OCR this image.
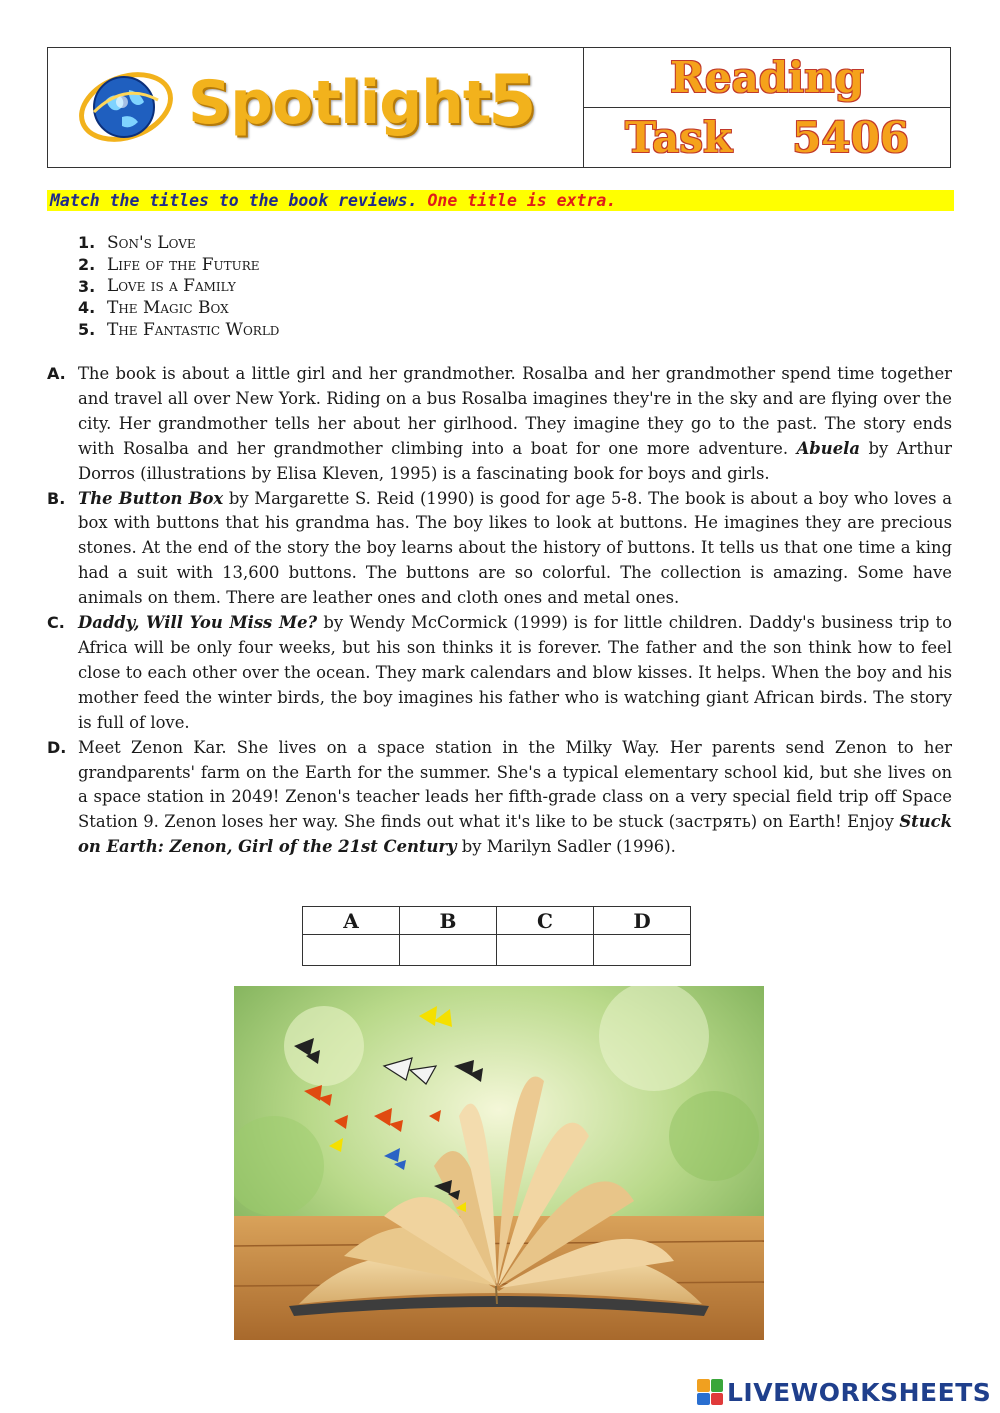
Spotlight
5	Reading
Task 5406
Match the titles to the book reviews. One title is extra.
1. Son's Love
2. Life of the Future
3. Love is a Family
4. The Magic Box
5. The Fantastic World
A. The book is about a little girl and her grandmother. Rosalba and her grandmother spend time together and travel all over New York. Riding on a bus Rosalba imagines they're in the sky and are flying over the city. Her grandmother tells her about her girlhood. They imagine they go to the past. The story ends with Rosalba and her grandmother climbing into a boat for one more adventure. Abuela by Arthur Dorros (illustrations by Elisa Kleven, 1995) is a fascinating book for boys and girls.
B. The Button Box by Margarette S. Reid (1990) is good for age 5-8. The book is about a boy who loves a box with buttons that his grandma has. The boy likes to look at buttons. He imagines they are precious stones. At the end of the story the boy learns about the history of buttons. It tells us that one time a king had a suit with 13,600 buttons. The buttons are so colorful. The collection is amazing. Some have animals on them. There are leather ones and cloth ones and metal ones.
C. Daddy, Will You Miss Me? by Wendy McCormick (1999) is for little children. Daddy's business trip to Africa will be only four weeks, but his son thinks it is forever. The father and the son think how to feel close to each other over the ocean. They mark calendars and blow kisses. It helps. When the boy and his mother feed the winter birds, the boy imagines his father who is watching giant African birds. The story is full of love.
D. Meet Zenon Kar. She lives on a space station in the Milky Way. Her parents send Zenon to her grandparents' farm on the Earth for the summer. She's a typical elementary school kid, but she lives on a space station in 2049! Zenon's teacher leads her fifth-grade class on a very special field trip off Space Station 9. Zenon loses her way. She finds out what it's like to be stuck (застрять) on Earth! Enjoy Stuck on Earth: Zenon, Girl of the 21st Century by Marilyn Sadler (1996).
A	B	C	D

LIVEWORKSHEETS
